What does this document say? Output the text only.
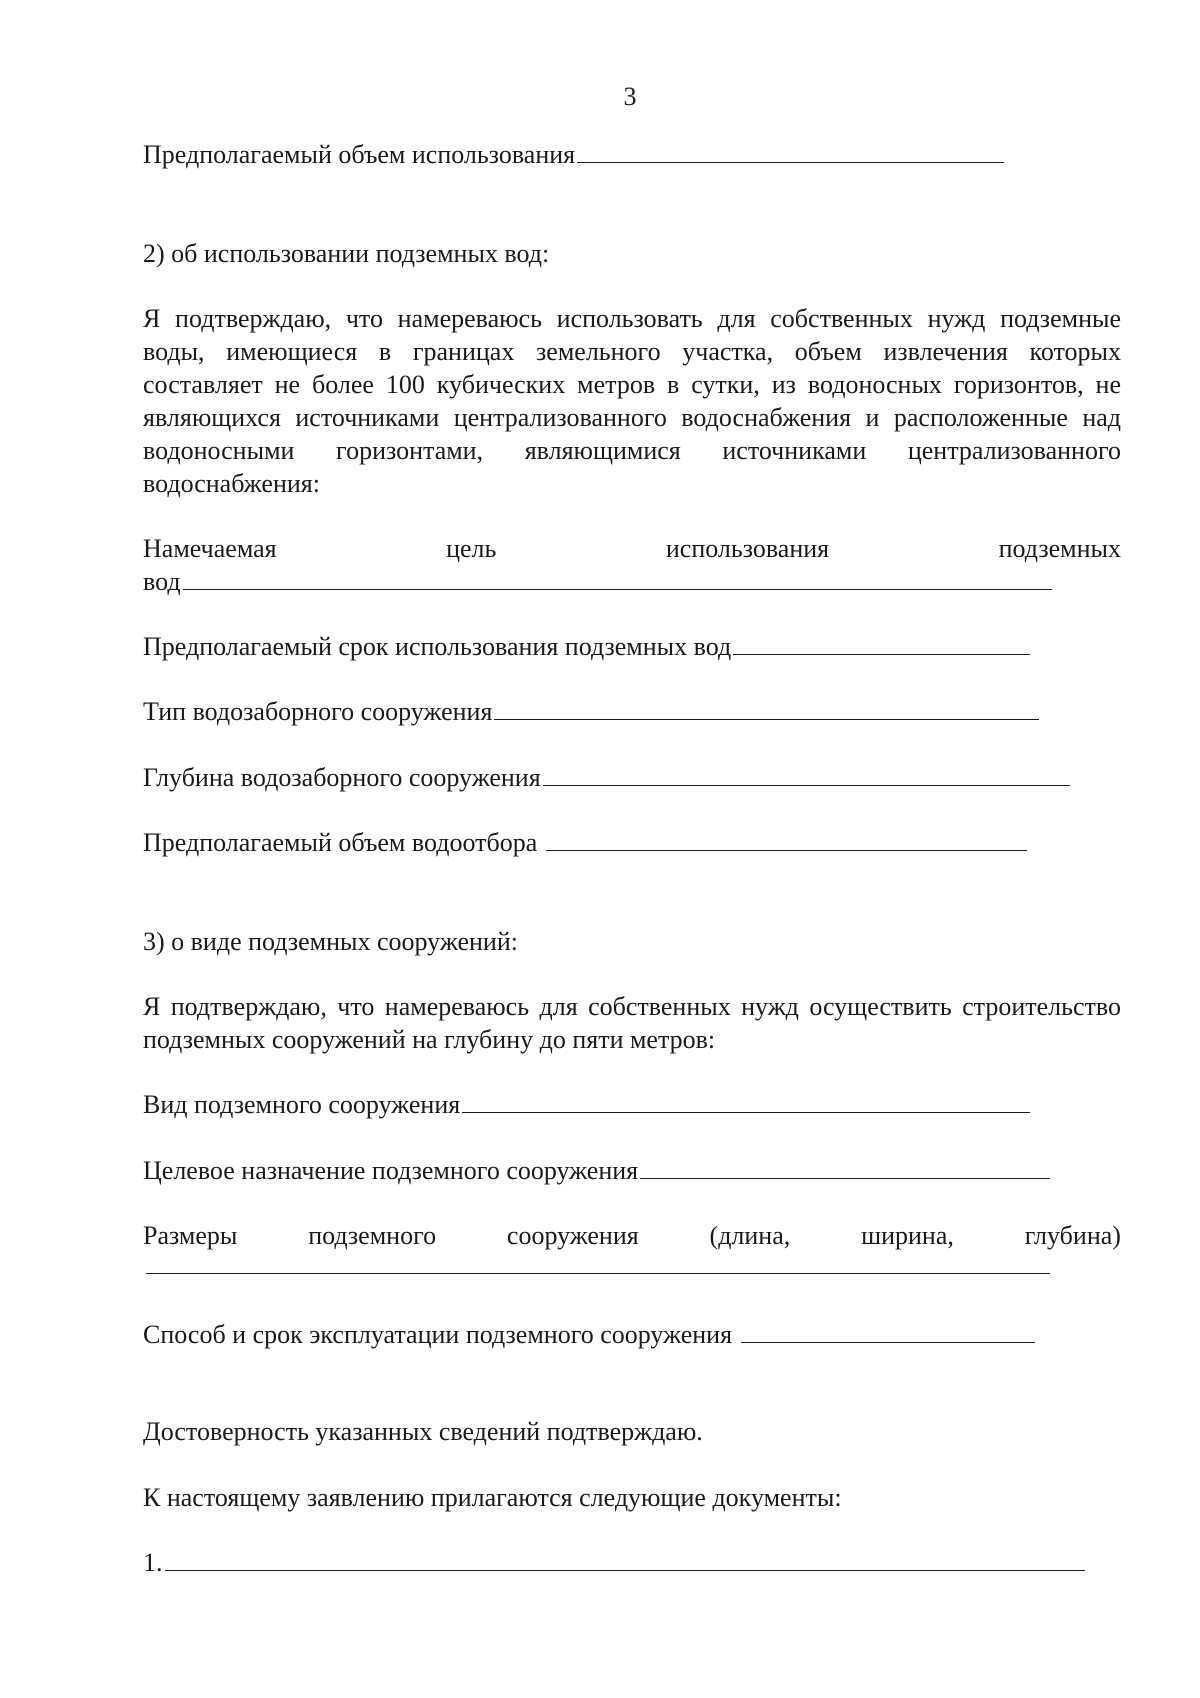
3
Предполагаемый объем использования
2) об использовании подземных вод:
Я подтверждаю, что намереваюсь использовать для собственных нужд подземные воды, имеющиеся в границах земельного участка, объем извлечения которых составляет не более 100 кубических метров в сутки, из водоносных горизонтов, не являющихся источниками централизованного водоснабжения и расположенные над водоносными горизонтами, являющимися источниками централизованного водоснабжения:
Намечаемая	цель	использования	подземных
вод
Предполагаемый срок использования подземных вод
Тип водозаборного сооружения
Глубина водозаборного сооружения
Предполагаемый объем водоотбора
3) о виде подземных сооружений:
Я подтверждаю, что намереваюсь для собственных нужд осуществить строительство подземных сооружений на глубину до пяти метров:
Вид подземного сооружения
Целевое назначение подземного сооружения
Размеры	подземного	сооружения	(длина,	ширина,	глубина)
Способ и срок эксплуатации подземного сооружения
Достоверность указанных сведений подтверждаю.
К настоящему заявлению прилагаются следующие документы:
1.
